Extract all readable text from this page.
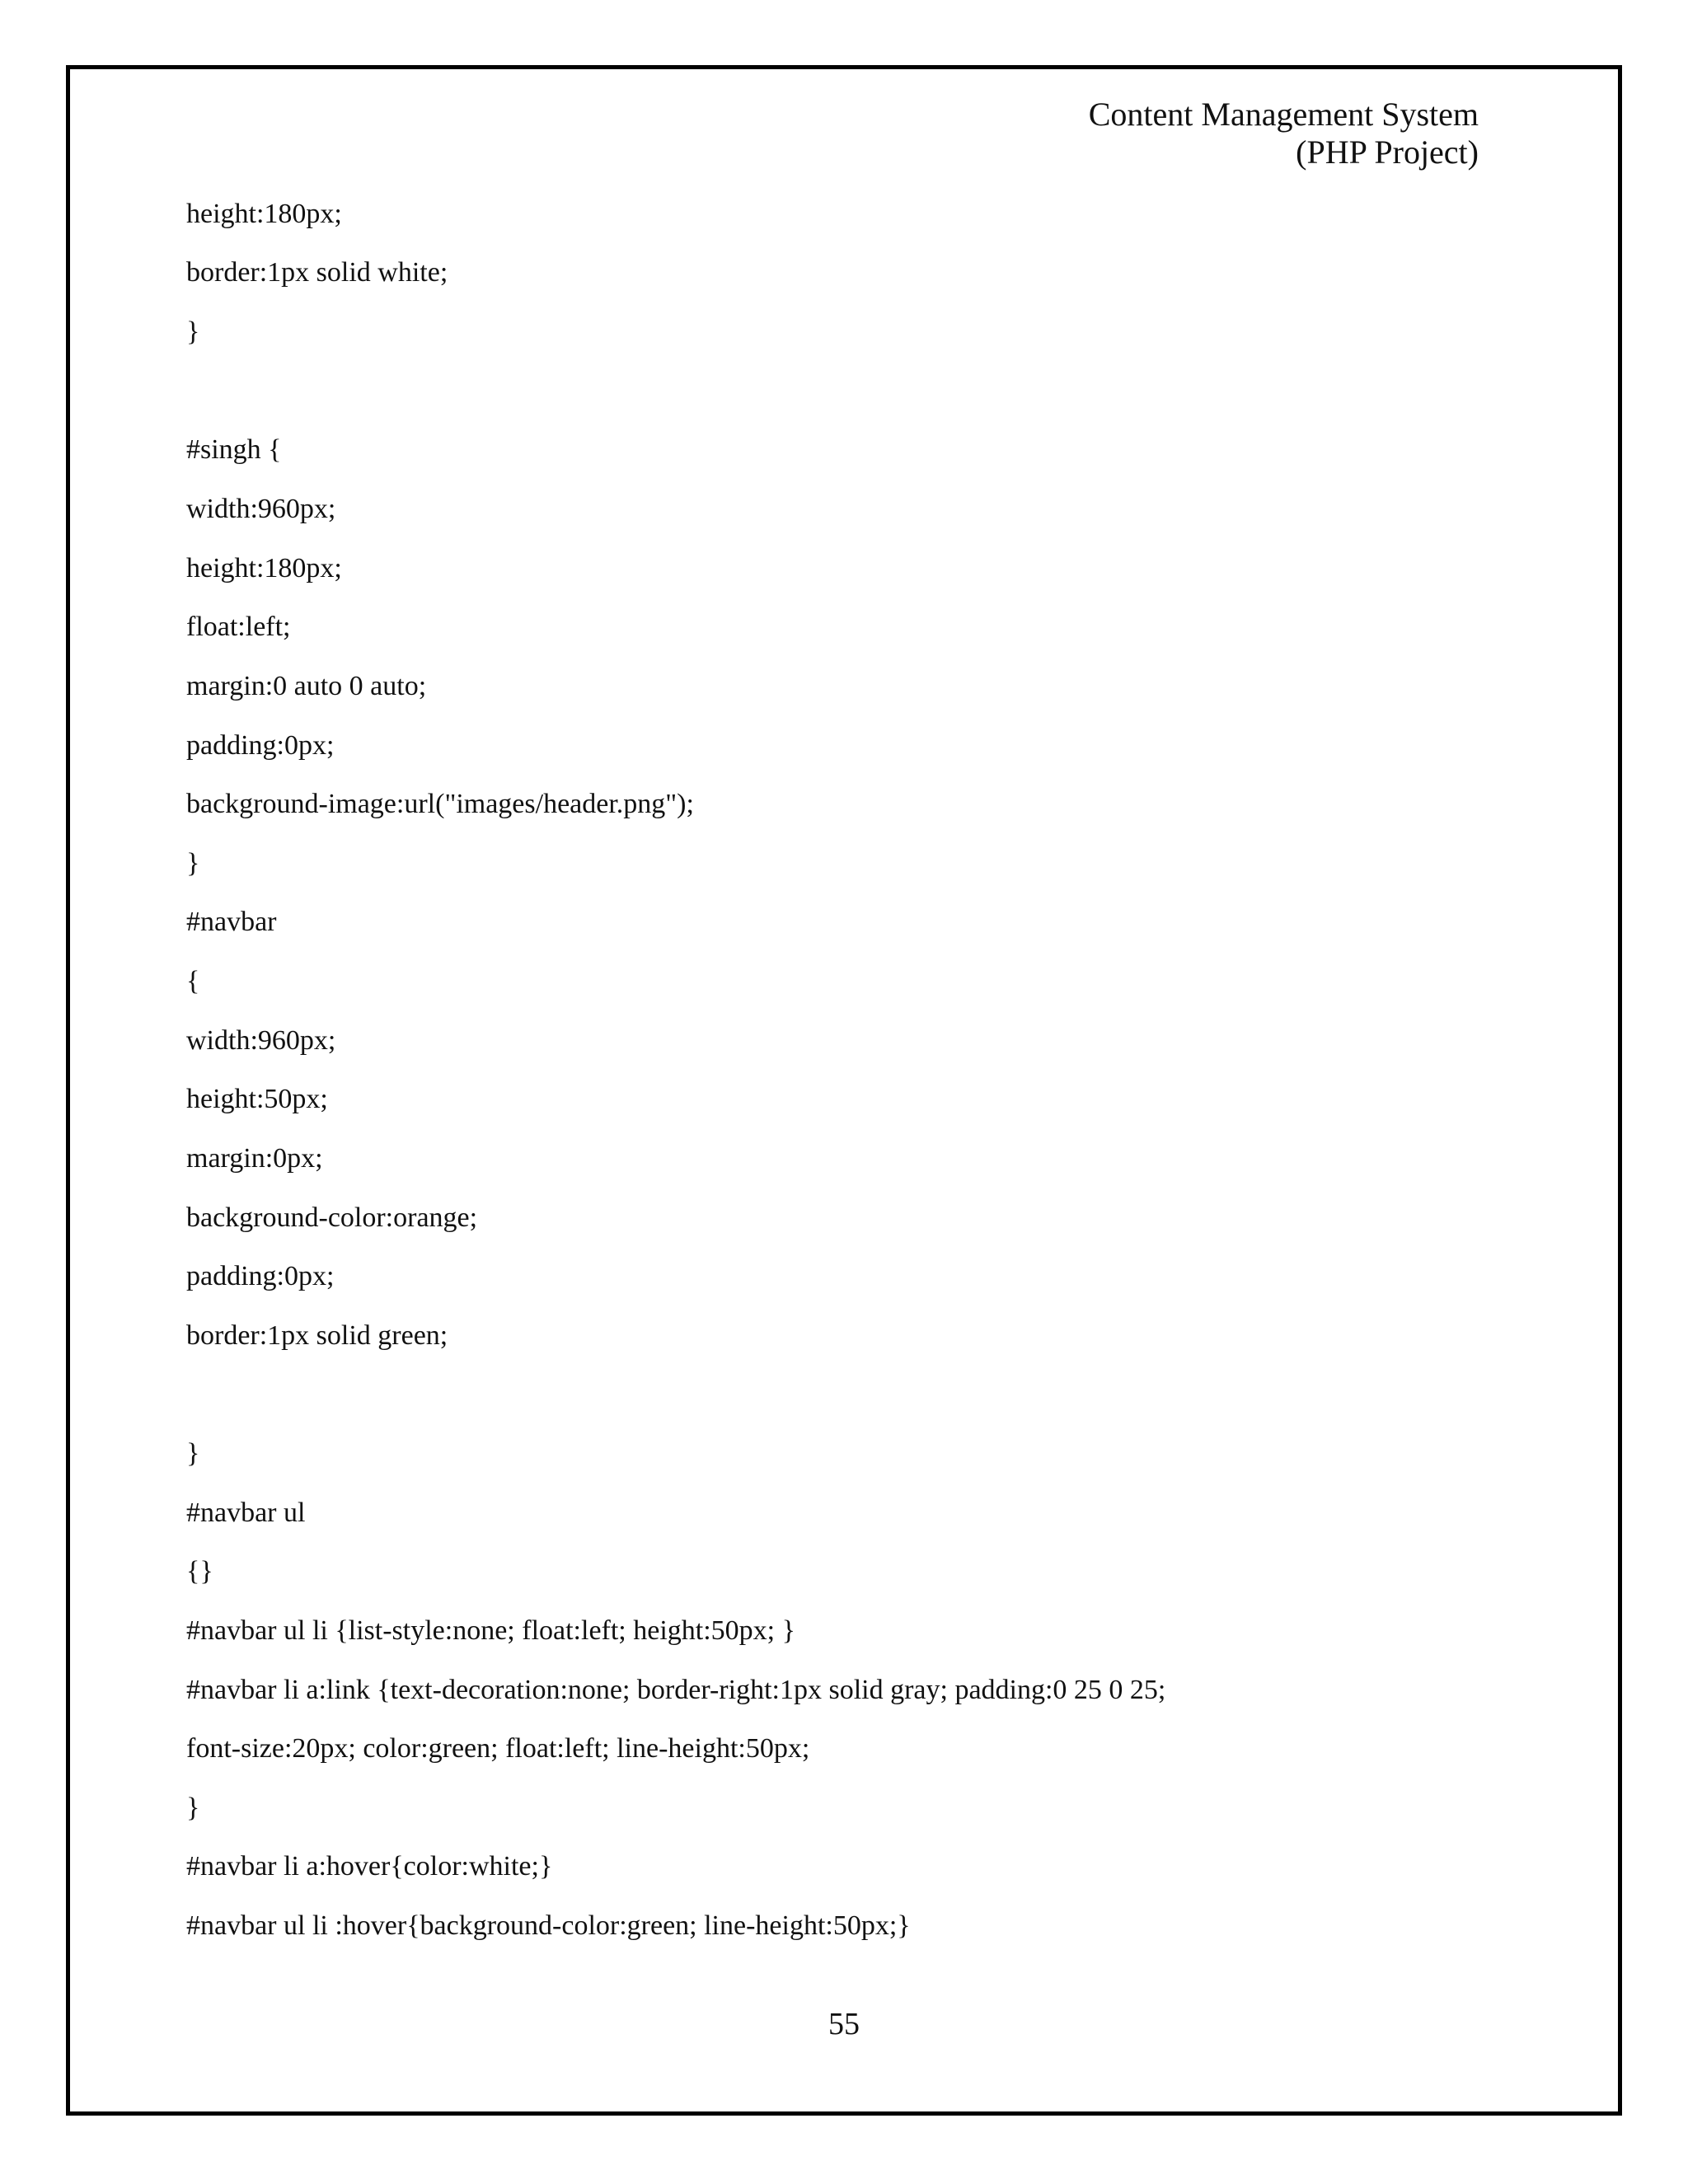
Content Management System
(PHP Project)
height:180px;
border:1px solid white;
}
#singh {
width:960px;
height:180px;
float:left;
margin:0 auto 0 auto;
padding:0px;
background-image:url("images/header.png");
}
#navbar
{
width:960px;
height:50px;
margin:0px;
background-color:orange;
padding:0px;
border:1px solid green;
}
#navbar ul
{}
#navbar ul li {list-style:none; float:left; height:50px; }
#navbar li a:link {text-decoration:none; border-right:1px solid gray; padding:0 25 0 25;
font-size:20px; color:green; float:left; line-height:50px;
}
#navbar li a:hover{color:white;}
#navbar ul li :hover{background-color:green; line-height:50px;}
55
